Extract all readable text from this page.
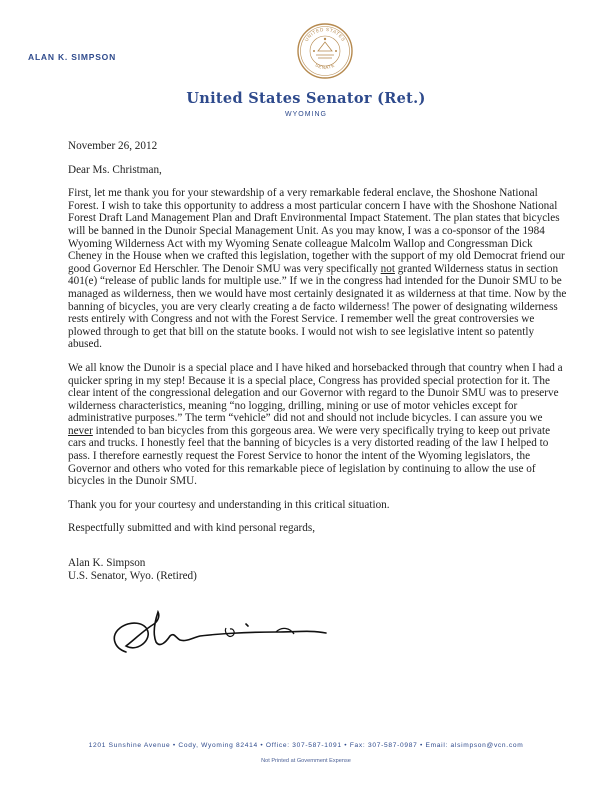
ALAN K. SIMPSON
UNITED STATES
SENATE
United States Senator (Ret.)
WYOMING

November 26, 2012

Dear Ms. Christman,

First, let me thank you for your stewardship of a very remarkable federal enclave, the Shoshone National Forest. I wish to take this opportunity to address a most particular concern I have with the Shoshone National Forest Draft Land Management Plan and Draft Environmental Impact Statement. The plan states that bicycles will be banned in the Dunoir Special Management Unit. As you may know, I was a co-sponsor of the 1984 Wyoming Wilderness Act with my Wyoming Senate colleague Malcolm Wallop and Congressman Dick Cheney in the House when we crafted this legislation, together with the support of my old Democrat friend our good Governor Ed Herschler. The Denoir SMU was very specifically not granted Wilderness status in section 401(e) “release of public lands for multiple use.” If we in the congress had intended for the Dunoir SMU to be managed as wilderness, then we would have most certainly designated it as wilderness at that time. Now by the banning of bicycles, you are very clearly creating a de facto wilderness! The power of designating wilderness rests entirely with Congress and not with the Forest Service. I remember well the great controversies we plowed through to get that bill on the statute books. I would not wish to see legislative intent so patently abused.

We all know the Dunoir is a special place and I have hiked and horsebacked through that country when I had a quicker spring in my step! Because it is a special place, Congress has provided special protection for it. The clear intent of the congressional delegation and our Governor with regard to the Dunoir SMU was to preserve wilderness characteristics, meaning “no logging, drilling, mining or use of motor vehicles except for administrative purposes.” The term “vehicle” did not and should not include bicycles. I can assure you we never intended to ban bicycles from this gorgeous area. We were very specifically trying to keep out private cars and trucks. I honestly feel that the banning of bicycles is a very distorted reading of the law I helped to pass. I therefore earnestly request the Forest Service to honor the intent of the Wyoming legislators, the Governor and others who voted for this remarkable piece of legislation by continuing to allow the use of bicycles in the Dunoir SMU.

Thank you for your courtesy and understanding in this critical situation.

Respectfully submitted and with kind personal regards,

Alan K. Simpson
U.S. Senator, Wyo. (Retired)

1201 Sunshine Avenue • Cody, Wyoming 82414 • Office: 307-587-1091 • Fax: 307-587-0987 • Email: alsimpson@vcn.com
Not Printed at Government Expense
